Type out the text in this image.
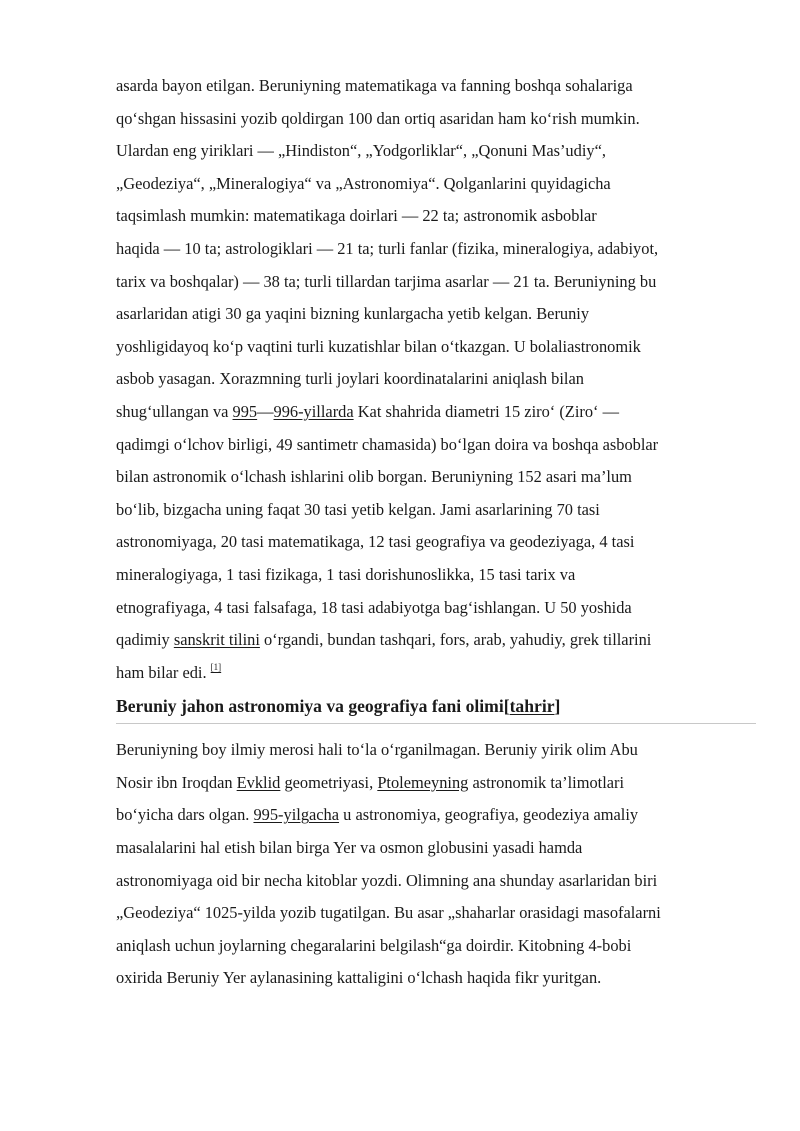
asarda bayon etilgan. Beruniyning matematikaga va fanning boshqa sohalariga
qo‘shgan hissasini yozib qoldirgan 100 dan ortiq asaridan ham ko‘rish mumkin.
Ulardan eng yiriklari — „Hindiston“, „Yodgorliklar“, „Qonuni Mas’udiy“,
„Geodeziya“, „Mineralogiya“ va „Astronomiya“. Qolganlarini quyidagicha
taqsimlash mumkin: matematikaga doirlari — 22 ta; astronomik asboblar
haqida — 10 ta; astrologiklari — 21 ta; turli fanlar (fizika, mineralogiya, adabiyot,
tarix va boshqalar) — 38 ta; turli tillardan tarjima asarlar — 21 ta. Beruniyning bu
asarlaridan atigi 30 ga yaqini bizning kunlargacha yetib kelgan. Beruniy
yoshligidayoq ko‘p vaqtini turli kuzatishlar bilan o‘tkazgan. U bolaliastronomik
asbob yasagan. Xorazmning turli joylari koordinatalarini aniqlash bilan
shug‘ullangan va 995—996-yillarda Kat shahrida diametri 15 ziro‘ (Ziro‘ —
qadimgi o‘lchov birligi, 49 santimetr chamasida) bo‘lgan doira va boshqa asboblar
bilan astronomik o‘lchash ishlarini olib borgan. Beruniyning 152 asari ma’lum
bo‘lib, bizgacha uning faqat 30 tasi yetib kelgan. Jami asarlarining 70 tasi
astronomiyaga, 20 tasi matematikaga, 12 tasi geografiya va geodeziyaga, 4 tasi
mineralogiyaga, 1 tasi fizikaga, 1 tasi dorishunoslikka, 15 tasi tarix va
etnografiyaga, 4 tasi falsafaga, 18 tasi adabiyotga bag‘ishlangan. U 50 yoshida
qadimiy sanskrit tilini o‘rgandi, bundan tashqari, fors, arab, yahudiy, grek tillarini
ham bilar edi. [1]

Beruniy jahon astronomiya va geografiya fani olimi[tahrir]

Beruniyning boy ilmiy merosi hali to‘la o‘rganilmagan. Beruniy yirik olim Abu
Nosir ibn Iroqdan Evklid geometriyasi, Ptolemeyning astronomik ta’limotlari
bo‘yicha dars olgan. 995-yilgacha u astronomiya, geografiya, geodeziya amaliy
masalalarini hal etish bilan birga Yer va osmon globusini yasadi hamda
astronomiyaga oid bir necha kitoblar yozdi. Olimning ana shunday asarlaridan biri
„Geodeziya“ 1025-yilda yozib tugatilgan. Bu asar „shaharlar orasidagi masofalarni
aniqlash uchun joylarning chegaralarini belgilash“ga doirdir. Kitobning 4-bobi
oxirida Beruniy Yer aylanasining kattaligini o‘lchash haqida fikr yuritgan.
